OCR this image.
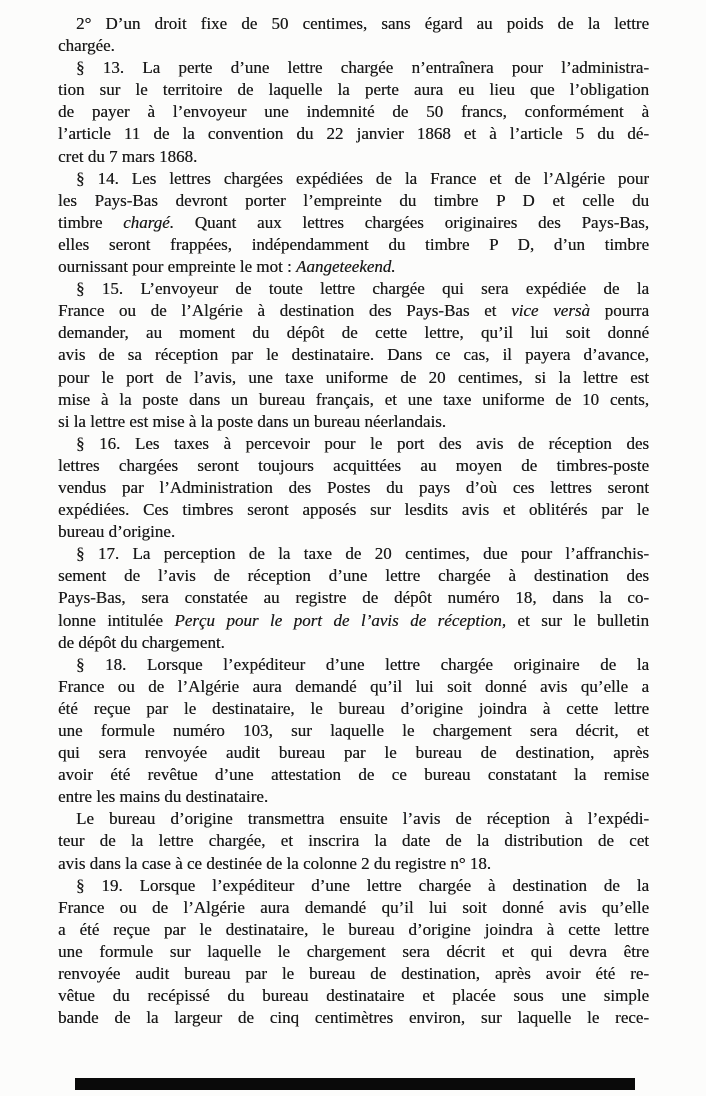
2° D’un droit fixe de 50 centimes, sans égard au poids de la lettre
chargée.
§ 13. La perte d’une lettre chargée n’entraînera pour l’administra-
tion sur le territoire de laquelle la perte aura eu lieu que l’obligation
de payer à l’envoyeur une indemnité de 50 francs, conformément à
l’article 11 de la convention du 22 janvier 1868 et à l’article 5 du dé-
cret du 7 mars 1868.
§ 14. Les lettres chargées expédiées de la France et de l’Algérie pour
les Pays-Bas devront porter l’empreinte du timbre P D et celle du
timbre chargé. Quant aux lettres chargées originaires des Pays-Bas,
elles seront frappées, indépendamment du timbre P D, d’un timbre
ournissant pour empreinte le mot : Aangeteekend.
§ 15. L’envoyeur de toute lettre chargée qui sera expédiée de la
France ou de l’Algérie à destination des Pays-Bas et vice versà pourra
demander, au moment du dépôt de cette lettre, qu’il lui soit donné
avis de sa réception par le destinataire. Dans ce cas, il payera d’avance,
pour le port de l’avis, une taxe uniforme de 20 centimes, si la lettre est
mise à la poste dans un bureau français, et une taxe uniforme de 10 cents,
si la lettre est mise à la poste dans un bureau néerlandais.
§ 16. Les taxes à percevoir pour le port des avis de réception des
lettres chargées seront toujours acquittées au moyen de timbres-poste
vendus par l’Administration des Postes du pays d’où ces lettres seront
expédiées. Ces timbres seront apposés sur lesdits avis et oblitérés par le
bureau d’origine.
§ 17. La perception de la taxe de 20 centimes, due pour l’affranchis-
sement de l’avis de réception d’une lettre chargée à destination des
Pays-Bas, sera constatée au registre de dépôt numéro 18, dans la co-
lonne intitulée Perçu pour le port de l’avis de réception, et sur le bulletin
de dépôt du chargement.
§ 18. Lorsque l’expéditeur d’une lettre chargée originaire de la
France ou de l’Algérie aura demandé qu’il lui soit donné avis qu’elle a
été reçue par le destinataire, le bureau d’origine joindra à cette lettre
une formule numéro 103, sur laquelle le chargement sera décrit, et
qui sera renvoyée audit bureau par le bureau de destination, après
avoir été revêtue d’une attestation de ce bureau constatant la remise
entre les mains du destinataire.
Le bureau d’origine transmettra ensuite l’avis de réception à l’expédi-
teur de la lettre chargée, et inscrira la date de la distribution de cet
avis dans la case à ce destinée de la colonne 2 du registre n° 18.
§ 19. Lorsque l’expéditeur d’une lettre chargée à destination de la
France ou de l’Algérie aura demandé qu’il lui soit donné avis qu’elle
a été reçue par le destinataire, le bureau d’origine joindra à cette lettre
une formule sur laquelle le chargement sera décrit et qui devra être
renvoyée audit bureau par le bureau de destination, après avoir été re-
vêtue du recépissé du bureau destinataire et placée sous une simple
bande de la largeur de cinq centimètres environ, sur laquelle le rece-
